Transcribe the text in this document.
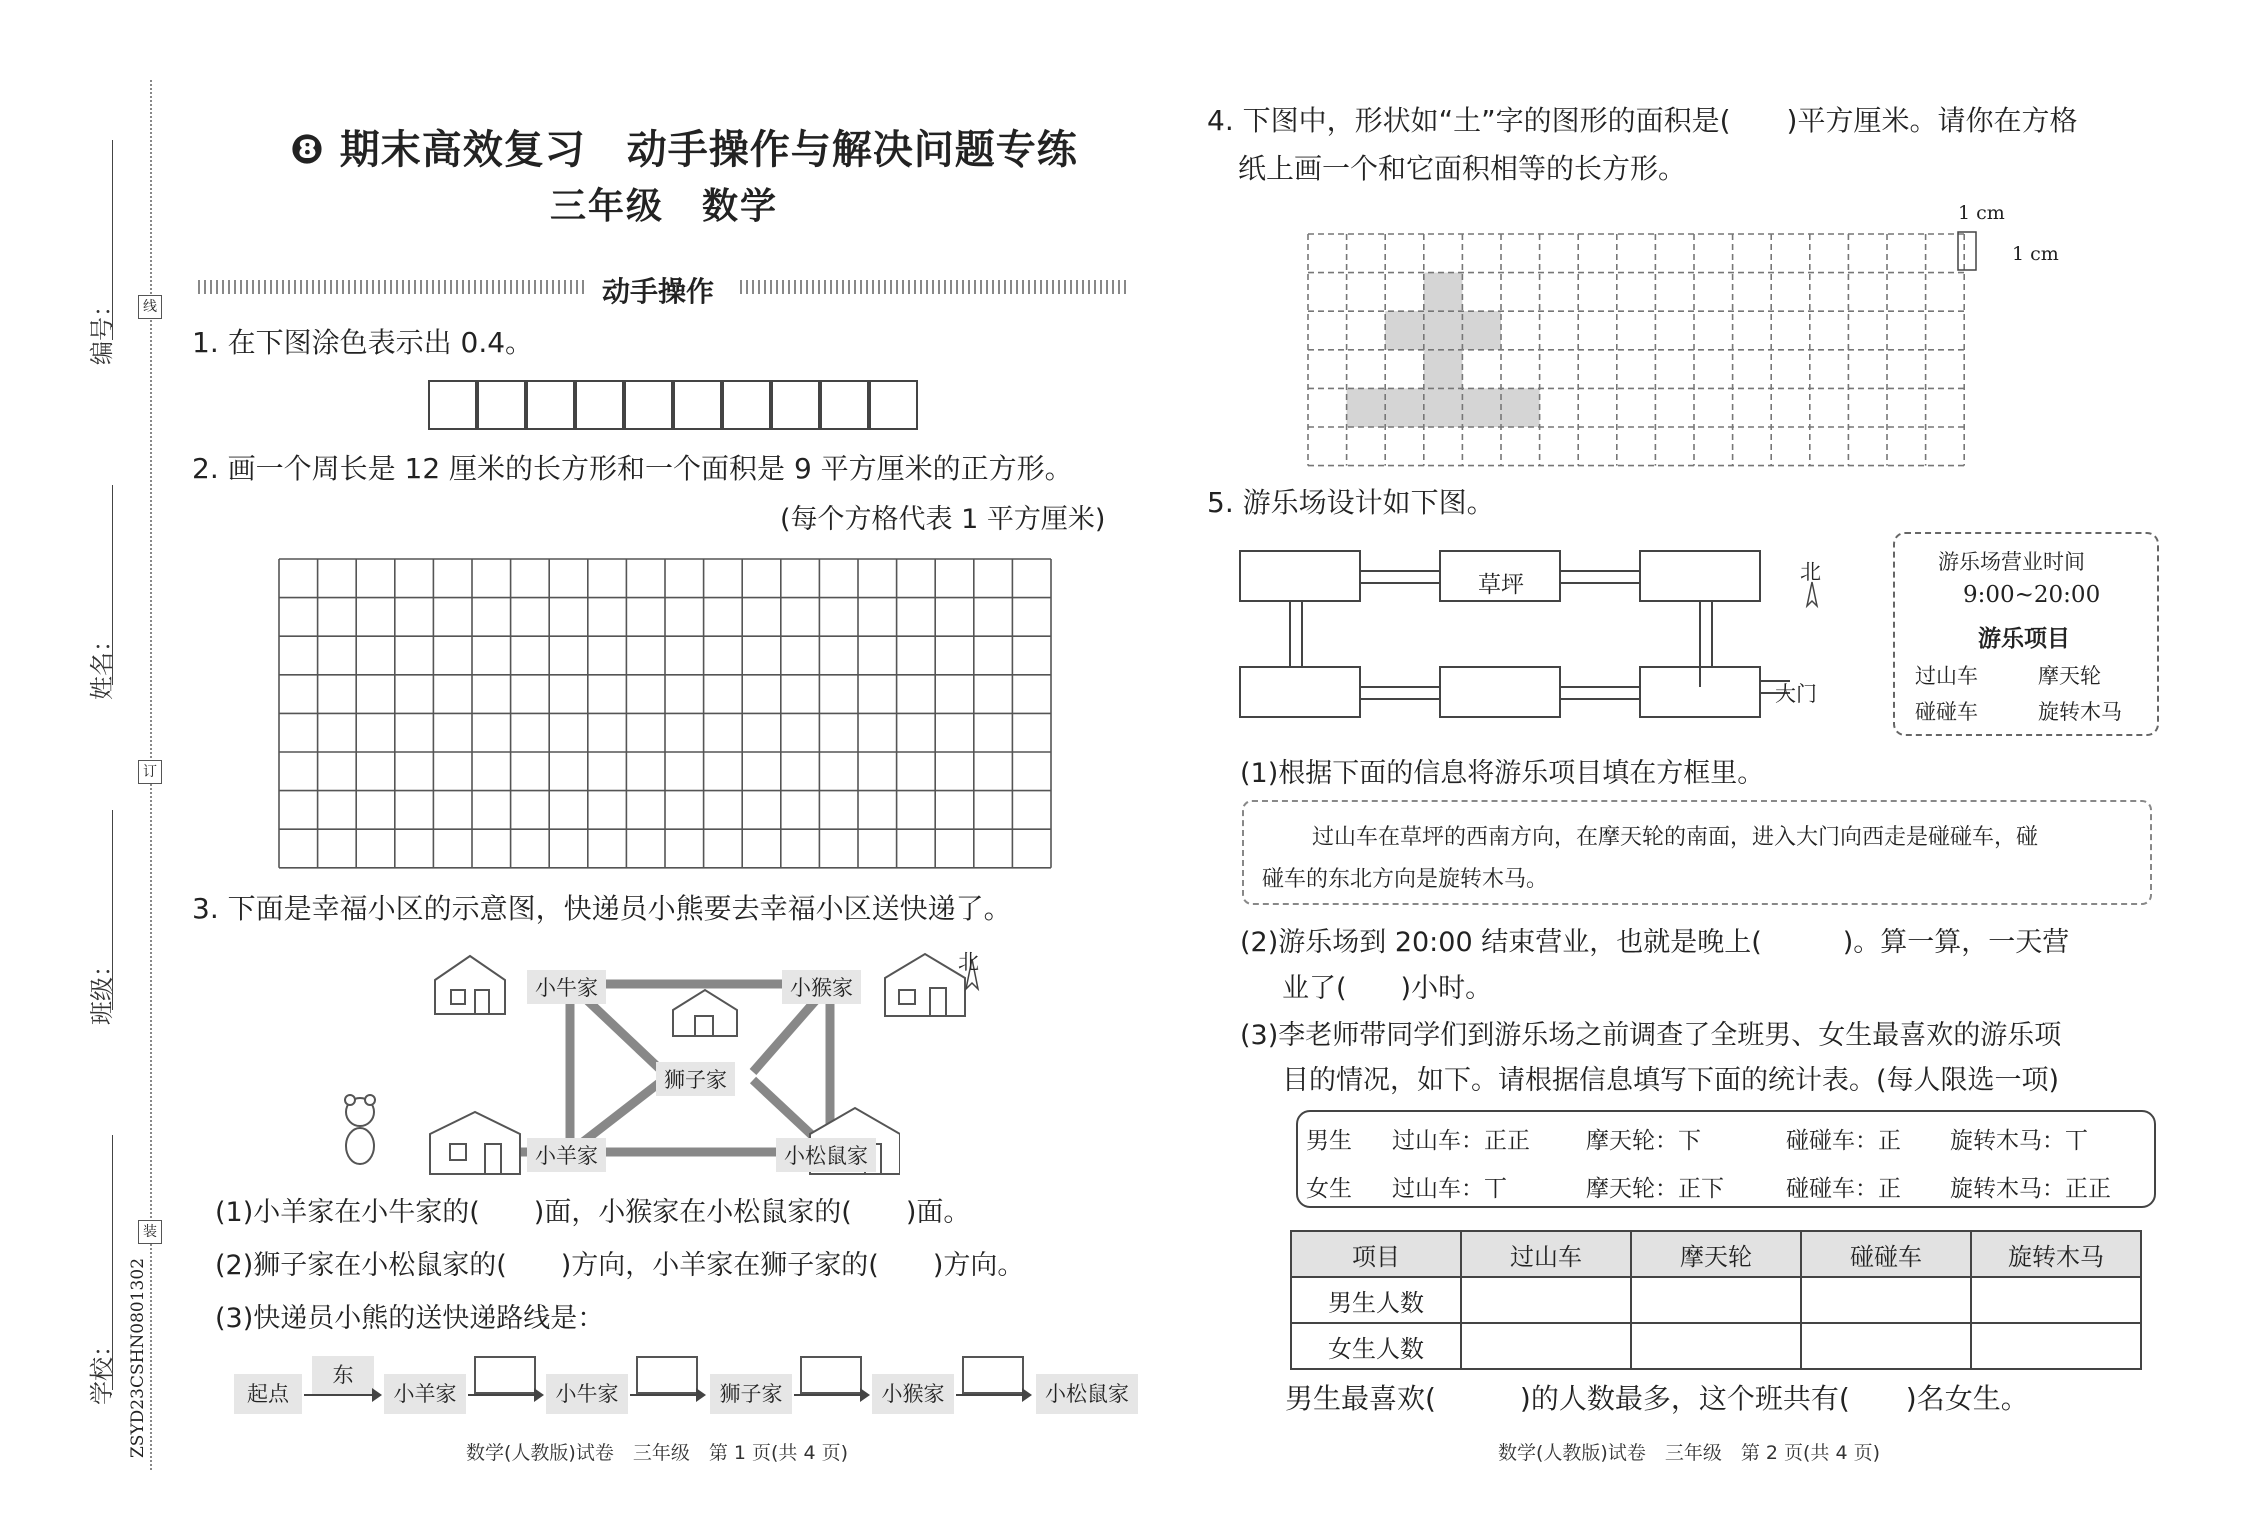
线
订
装
编号：
姓名：
班级：
学校： ZSYD23CSHN0801302
❽ 期末高效复习　动手操作与解决问题专练
三年级　数学
动手操作
1. 在下图涂色表示出 0.4。
2. 画一个周长是 12 厘米的长方形和一个面积是 9 平方厘米的正方形。
(每个方格代表 1 平方厘米)
3. 下面是幸福小区的示意图，快递员小熊要去幸福小区送快递了。
北
小牛家	小猴家
狮子家
小羊家	小松鼠家
(1)小羊家在小牛家的(　　)面，小猴家在小松鼠家的(　　)面。
(2)狮子家在小松鼠家的(　　)方向，小羊家在狮子家的(　　)方向。
(3)快递员小熊的送快递路线是：
起点
东
小羊家	小牛家	狮子家	小猴家	小松鼠家
数学(人教版)试卷　三年级　第 1 页(共 4 页)
4. 下图中，形状如“土”字的图形的面积是(　　)平方厘米。请你在方格
纸上画一个和它面积相等的长方形。
1 cm
1 cm
5. 游乐场设计如下图。
草坪
大门
北	游乐场营业时间
9:00~20:00
游乐项目
过山车	摩天轮
碰碰车	旋转木马
(1)根据下面的信息将游乐项目填在方框里。
过山车在草坪的西南方向，在摩天轮的南面，进入大门向西走是碰碰车，碰
碰车的东北方向是旋转木马。
(2)游乐场到 20:00 结束营业，也就是晚上(　　　)。算一算，一天营
业了(　　)小时。
(3)李老师带同学们到游乐场之前调查了全班男、女生最喜欢的游乐项
目的情况，如下。请根据信息填写下面的统计表。(每人限选一项)
男生 过山车：正正 摩天轮：下	碰碰车：正 旋转木马：丅
女生 过山车：丅	摩天轮：正下	碰碰车：正 旋转木马：正正
项目	过山车	摩天轮	碰碰车	旋转木马
男生人数				
女生人数				
男生最喜欢(　　　)的人数最多，这个班共有(　　)名女生。
数学(人教版)试卷　三年级　第 2 页(共 4 页)
